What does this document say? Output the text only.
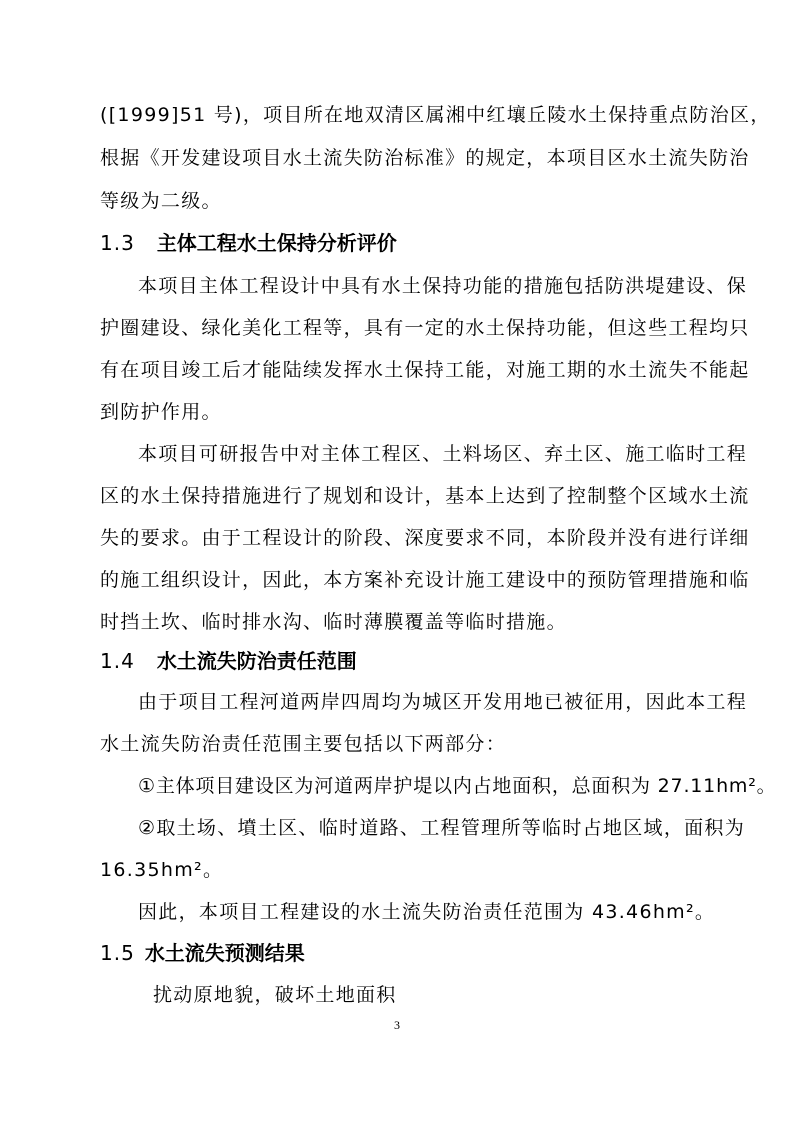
([1999]51 号)，项目所在地双清区属湘中红壤丘陵水土保持重点防治区，
根据《开发建设项目水土流失防治标准》的规定，本项目区水土流失防治
等级为二级。
1.3 主体工程水土保持分析评价
本项目主体工程设计中具有水土保持功能的措施包括防洪堤建设、保
护圈建设、绿化美化工程等，具有一定的水土保持功能，但这些工程均只
有在项目竣工后才能陆续发挥水土保持工能，对施工期的水土流失不能起
到防护作用。
本项目可研报告中对主体工程区、土料场区、弃土区、施工临时工程
区的水土保持措施进行了规划和设计，基本上达到了控制整个区域水土流
失的要求。由于工程设计的阶段、深度要求不同，本阶段并没有进行详细
的施工组织设计，因此，本方案补充设计施工建设中的预防管理措施和临
时挡土坎、临时排水沟、临时薄膜覆盖等临时措施。
1.4 水土流失防治责任范围
由于项目工程河道两岸四周均为城区开发用地已被征用，因此本工程
水土流失防治责任范围主要包括以下两部分：
①主体项目建设区为河道两岸护堤以内占地面积，总面积为 27.11hm²。
②取土场、墳土区、临时道路、工程管理所等临时占地区域，面积为
16.35hm²。
因此，本项目工程建设的水土流失防治责任范围为 43.46hm²。
1.5 水土流失预测结果
扰动原地貌，破坏土地面积
3
